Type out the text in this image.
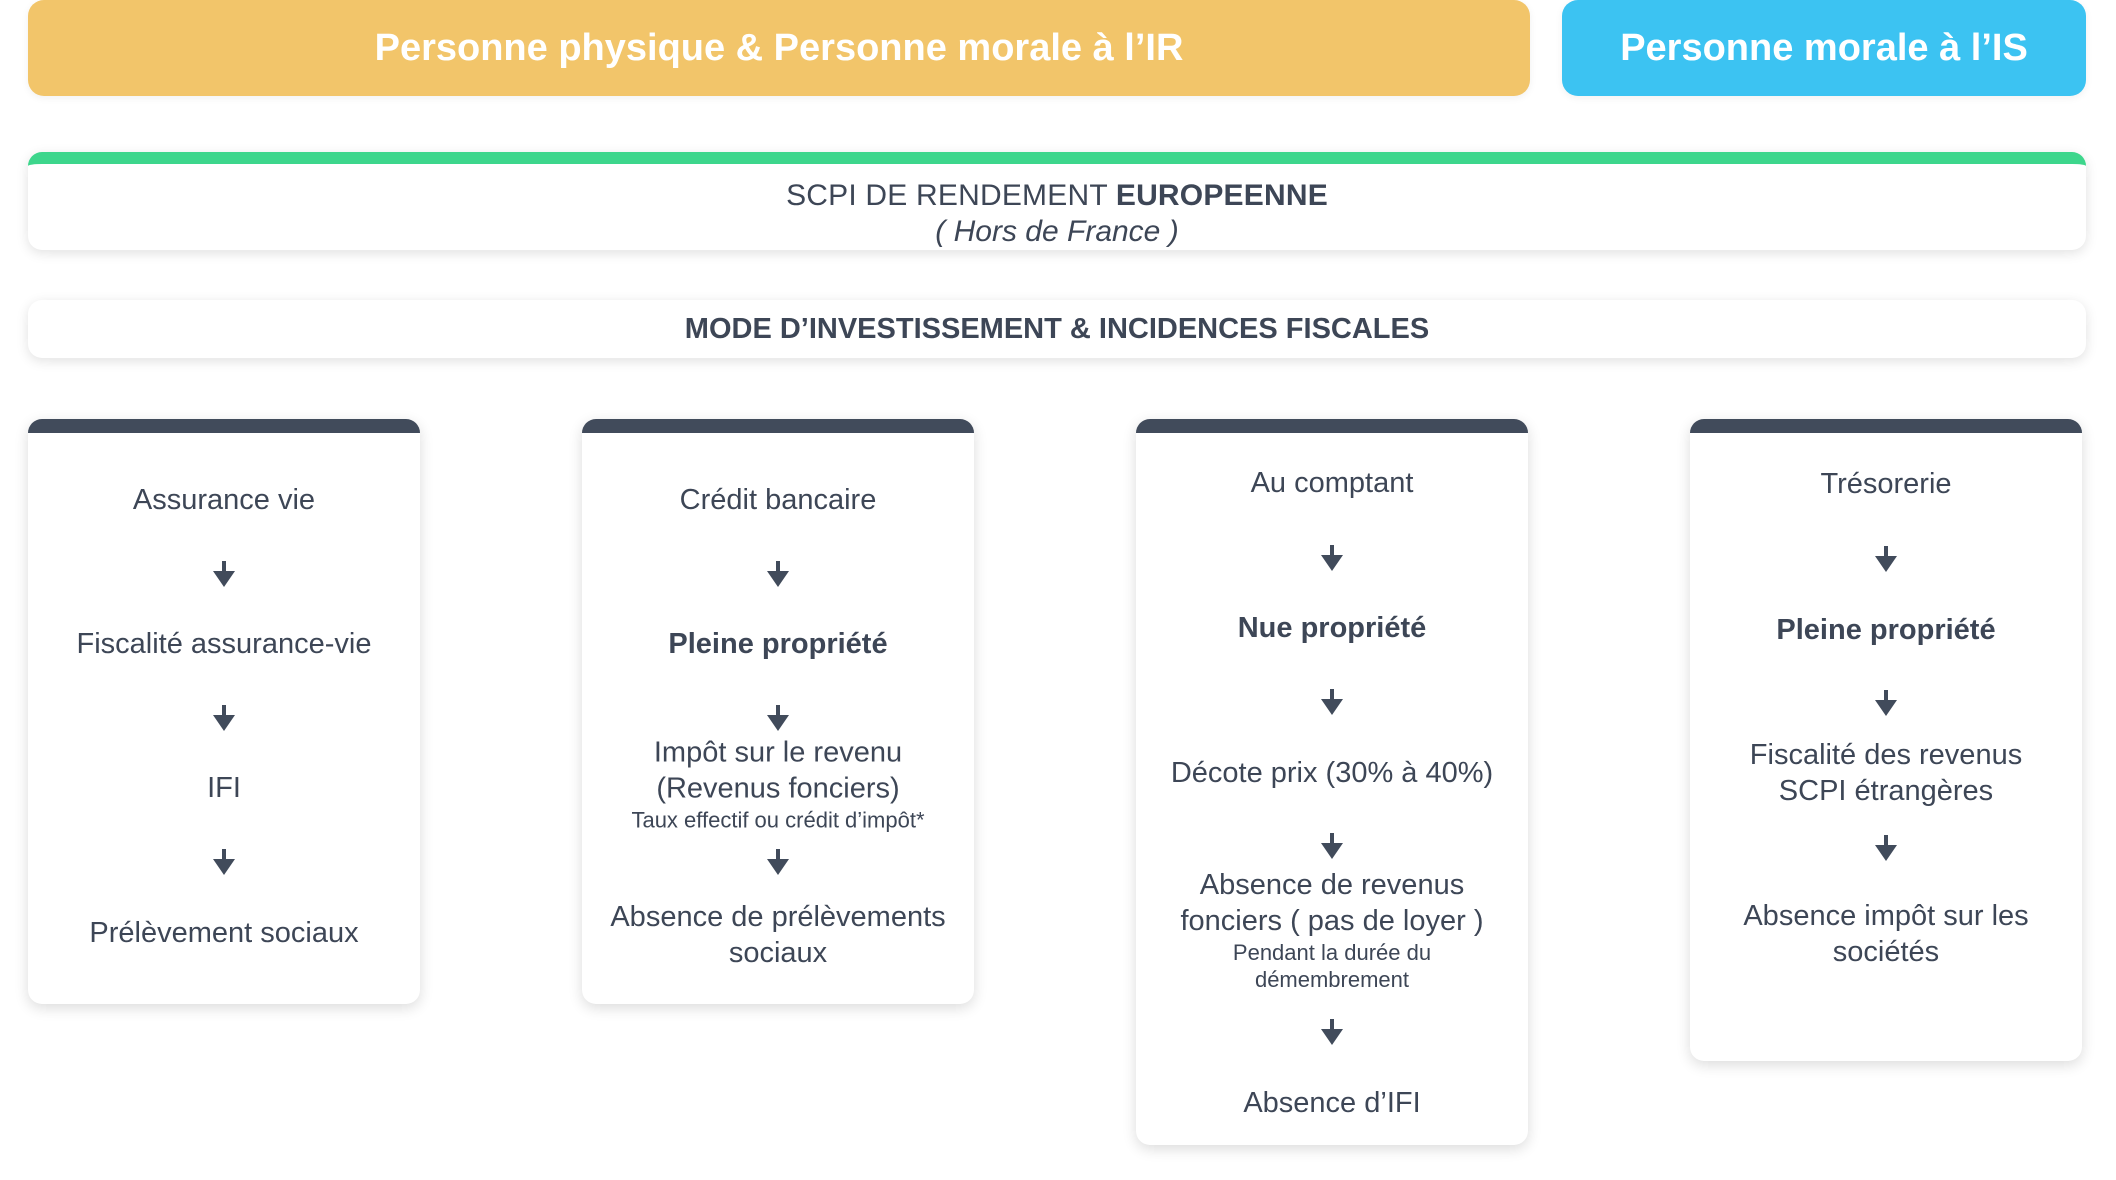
Personne physique & Personne morale à l’IR	Personne morale à l’IS
SCPI DE RENDEMENT EUROPEENNE
( Hors de France )
MODE D’INVESTISSEMENT & INCIDENCES FISCALES
Assurance vie
Fiscalité assurance-vie
IFI
Prélèvement sociaux
Crédit bancaire
Pleine propriété
Impôt sur le revenu
(Revenus fonciers)
Taux effectif ou crédit d’impôt*
Absence de prélèvements
sociaux
Au comptant
Nue propriété
Décote prix (30% à 40%)
Absence de revenus
fonciers ( pas de loyer )
Pendant la durée du
démembrement
Absence d’IFI
Trésorerie
Pleine propriété
Fiscalité des revenus
SCPI étrangères
Absence impôt sur les
sociétés
